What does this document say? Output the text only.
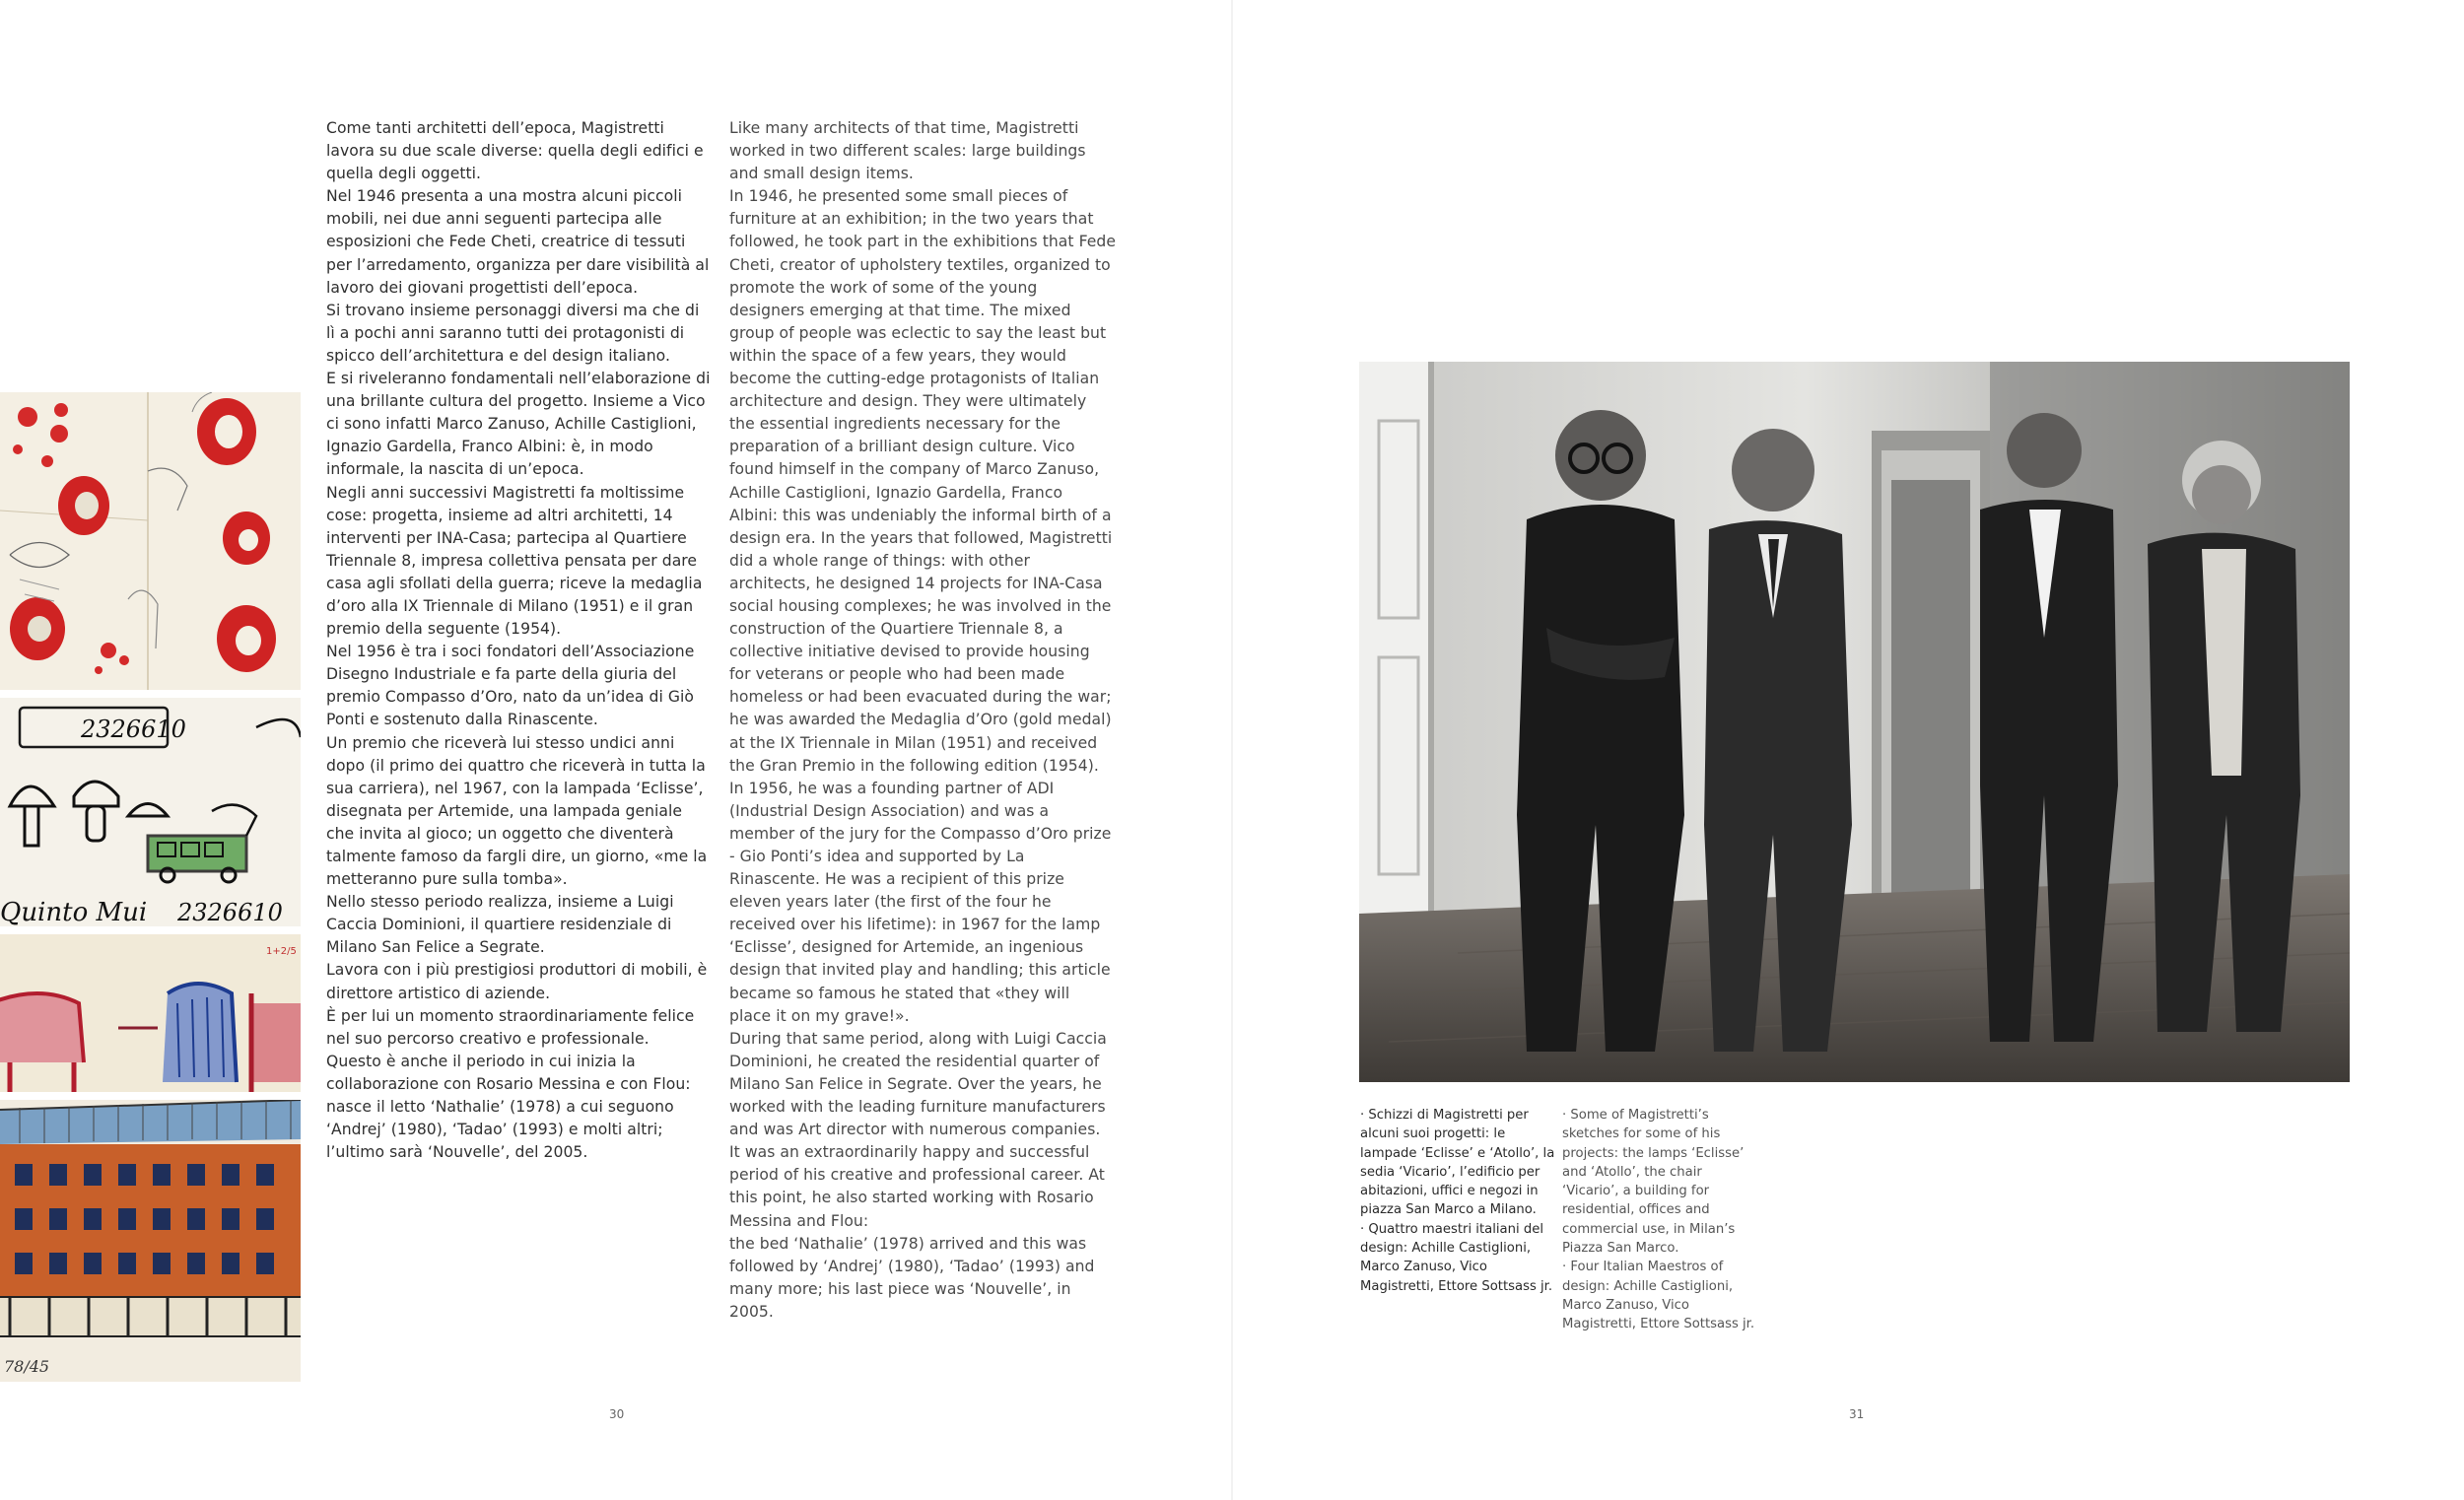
2326610
Quinto Mui 2326610
1+2/5
78/45

Come tanti architetti dell’epoca, Magistretti lavora su due scale diverse: quella degli edifici e quella degli oggetti.

Nel 1946 presenta a una mostra alcuni piccoli mobili, nei due anni seguenti partecipa alle esposizioni che Fede Cheti, creatrice di tessuti per l’arredamento, organizza per dare visibilità al lavoro dei giovani progettisti dell’epoca.

Si trovano insieme personaggi diversi ma che di lì a pochi anni saranno tutti dei protagonisti di spicco dell’architettura e del design italiano.

E si riveleranno fondamentali nell’elaborazione di una brillante cultura del progetto. Insieme a Vico ci sono infatti Marco Zanuso, Achille Castiglioni, Ignazio Gardella, Franco Albini: è, in modo informale, la nascita di un’epoca.

Negli anni successivi Magistretti fa moltissime cose: progetta, insieme ad altri architetti, 14 interventi per INA-Casa; partecipa al Quartiere Triennale 8, impresa collettiva pensata per dare casa agli sfollati della guerra; riceve la medaglia d’oro alla IX Triennale di Milano (1951) e il gran premio della seguente (1954).

Nel 1956 è tra i soci fondatori dell’Associazione Disegno Industriale e fa parte della giuria del premio Compasso d’Oro, nato da un’idea di Giò Ponti e sostenuto dalla Rinascente.

Un premio che riceverà lui stesso undici anni dopo (il primo dei quattro che riceverà in tutta la sua carriera), nel 1967, con la lampada ‘Eclisse’, disegnata per Artemide, una lampada geniale che invita al gioco; un oggetto che diventerà talmente famoso da fargli dire, un giorno, «me la metteranno pure sulla tomba».

Nello stesso periodo realizza, insieme a Luigi Caccia Dominioni, il quartiere residenziale di Milano San Felice a Segrate.

Lavora con i più prestigiosi produttori di mobili, è direttore artistico di aziende.

È per lui un momento straordinariamente felice nel suo percorso creativo e professionale.

Questo è anche il periodo in cui inizia la collaborazione con Rosario Messina e con Flou: nasce il letto ‘Nathalie’ (1978) a cui seguono ‘Andrej’ (1980), ‘Tadao’ (1993) e molti altri; l’ultimo sarà ‘Nouvelle’, del 2005.

Like many architects of that time, Magistretti worked in two different scales: large buildings and small design items.

In 1946, he presented some small pieces of furniture at an exhibition; in the two years that followed, he took part in the exhibitions that Fede Cheti, creator of upholstery textiles, organized to promote the work of some of the young designers emerging at that time. The mixed group of people was eclectic to say the least but within the space of a few years, they would become the cutting-edge protagonists of Italian architecture and design. They were ultimately the essential ingredients necessary for the preparation of a brilliant design culture. Vico found himself in the company of Marco Zanuso, Achille Castiglioni, Ignazio Gardella, Franco Albini: this was undeniably the informal birth of a design era. In the years that followed, Magistretti did a whole range of things: with other architects, he designed 14 projects for INA-Casa social housing complexes; he was involved in the construction of the Quartiere Triennale 8, a collective initiative devised to provide housing for veterans or people who had been made homeless or had been evacuated during the war; he was awarded the Medaglia d’Oro (gold medal) at the IX Triennale in Milan (1951) and received the Gran Premio in the following edition (1954). In 1956, he was a founding partner of ADI (Industrial Design Association) and was a member of the jury for the Compasso d’Oro prize - Gio Ponti’s idea and supported by La Rinascente. He was a recipient of this prize eleven years later (the first of the four he received over his lifetime): in 1967 for the lamp ‘Eclisse’, designed for Artemide, an ingenious design that invited play and handling; this article became so famous he stated that «they will place it on my grave!».

During that same period, along with Luigi Caccia Dominioni, he created the residential quarter of Milano San Felice in Segrate. Over the years, he worked with the leading furniture manufacturers and was Art director with numerous companies. It was an extraordinarily happy and successful period of his creative and professional career. At this point, he also started working with Rosario Messina and Flou:

the bed ‘Nathalie’ (1978) arrived and this was followed by ‘Andrej’ (1980), ‘Tadao’ (1993) and many more; his last piece was ‘Nouvelle’, in 2005.

30

· Schizzi di Magistretti per alcuni suoi progetti: le lampade ‘Eclisse’ e ‘Atollo’, la sedia ‘Vicario’, l’edificio per abitazioni, uffici e negozi in piazza San Marco a Milano.

· Quattro maestri italiani del design: Achille Castiglioni, Marco Zanuso, Vico Magistretti, Ettore Sottsass jr.

· Some of Magistretti’s sketches for some of his projects: the lamps ‘Eclisse’ and ‘Atollo’, the chair ‘Vicario’, a building for residential, offices and commercial use, in Milan’s Piazza San Marco.

· Four Italian Maestros of design: Achille Castiglioni, Marco Zanuso, Vico Magistretti, Ettore Sottsass jr.

31
